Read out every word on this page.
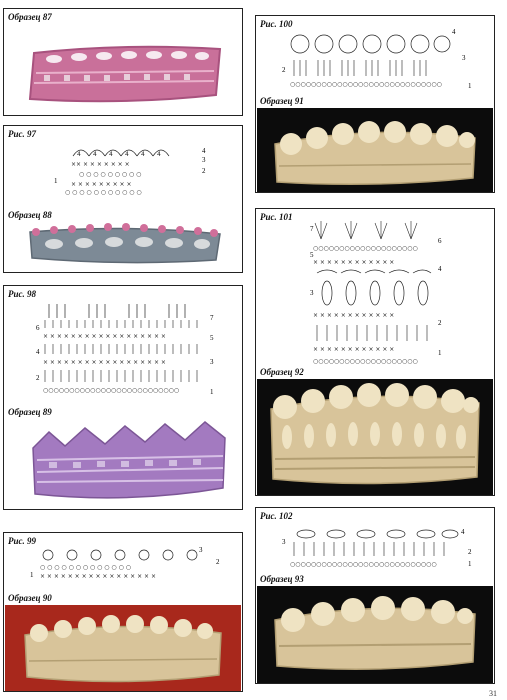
Образец 87
Рис. 97
4 4 4 4 4 4
×× × × × × × × ×
○ ○ ○ ○ ○ ○ ○ ○ ○
× × × × × × × × ×
○ ○ ○ ○ ○ ○ ○ ○ ○ ○ ○
4
3
2
1
Образец 88
Рис. 98
× × × × × × × × × × × × × × × × × ×
× × × × × × × × × × × × × × × × × ×
○○○○○○○○○○○○○○○○○○○○○○○○○○
7
6
5
4
3
2
1
Образец 89
Рис. 99
○ ○ ○ ○ ○ ○ ○ ○ ○ ○ ○ ○ ○
× × × × × × × × × × × × × × × × ×
3
2
1
Образец 90
Рис. 100
○○○○○○○○○○○○○○○○○○○○○○○○○○○○○
4
3
2
1
Образец 91
Рис. 101
○○○○○○○○○○○○○○○○○○○○
× × × × × × × × × × × ×
× × × × × × × × × × × ×
× × × × × × × × × × × ×
○○○○○○○○○○○○○○○○○○○○
7
6
5
4
3
2
1
Образец 92
Рис. 102
○○○○○○○○○○○○○○○○○○○○○○○○○○○○
4
3
2
1
Образец 93
31
